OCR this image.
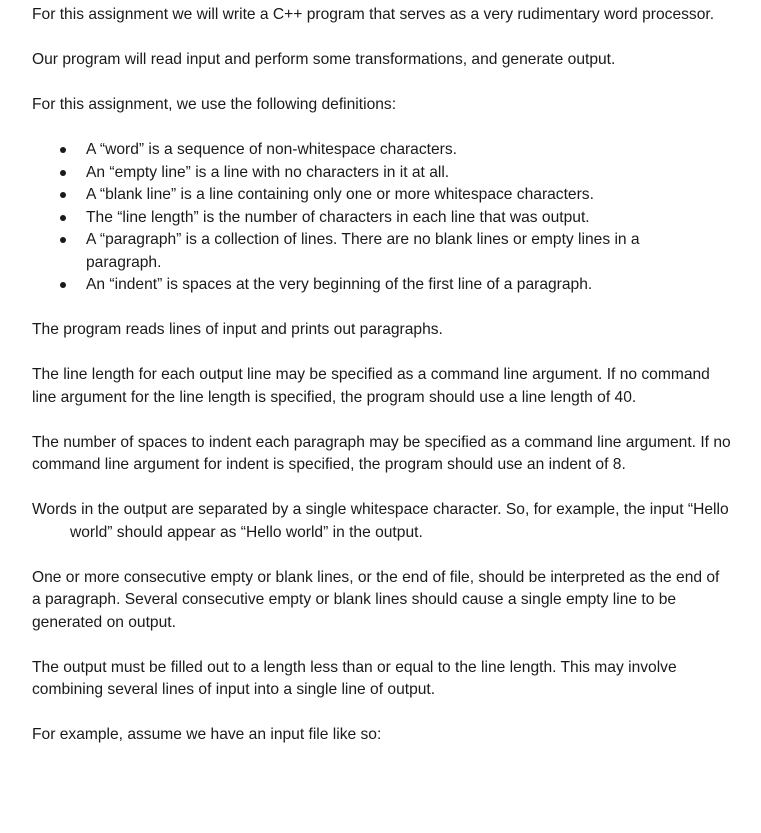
For this assignment we will write a C++ program that serves as a very rudimentary word processor.

Our program will read input and perform some transformations, and generate output.

For this assignment, we use the following definitions:

A “word” is a sequence of non-whitespace characters.
An “empty line” is a line with no characters in it at all.
A “blank line” is a line containing only one or more whitespace characters.
The “line length” is the number of characters in each line that was output.
A “paragraph” is a collection of lines. There are no blank lines or empty lines in a paragraph.
An “indent” is spaces at the very beginning of the first line of a paragraph.

The program reads lines of input and prints out paragraphs.

The line length for each output line may be specified as a command line argument. If no command line argument for the line length is specified, the program should use a line length of 40.

The number of spaces to indent each paragraph may be specified as a command line argument. If no command line argument for indent is specified, the program should use an indent of 8.

Words in the output are separated by a single whitespace character. So, for example, the input “Helloworld” should appear as “Hello world” in the output.

One or more consecutive empty or blank lines, or the end of file, should be interpreted as the end of a paragraph. Several consecutive empty or blank lines should cause a single empty line to be generated on output.

The output must be filled out to a length less than or equal to the line length. This may involve combining several lines of input into a single line of output.

For example, assume we have an input file like so:
